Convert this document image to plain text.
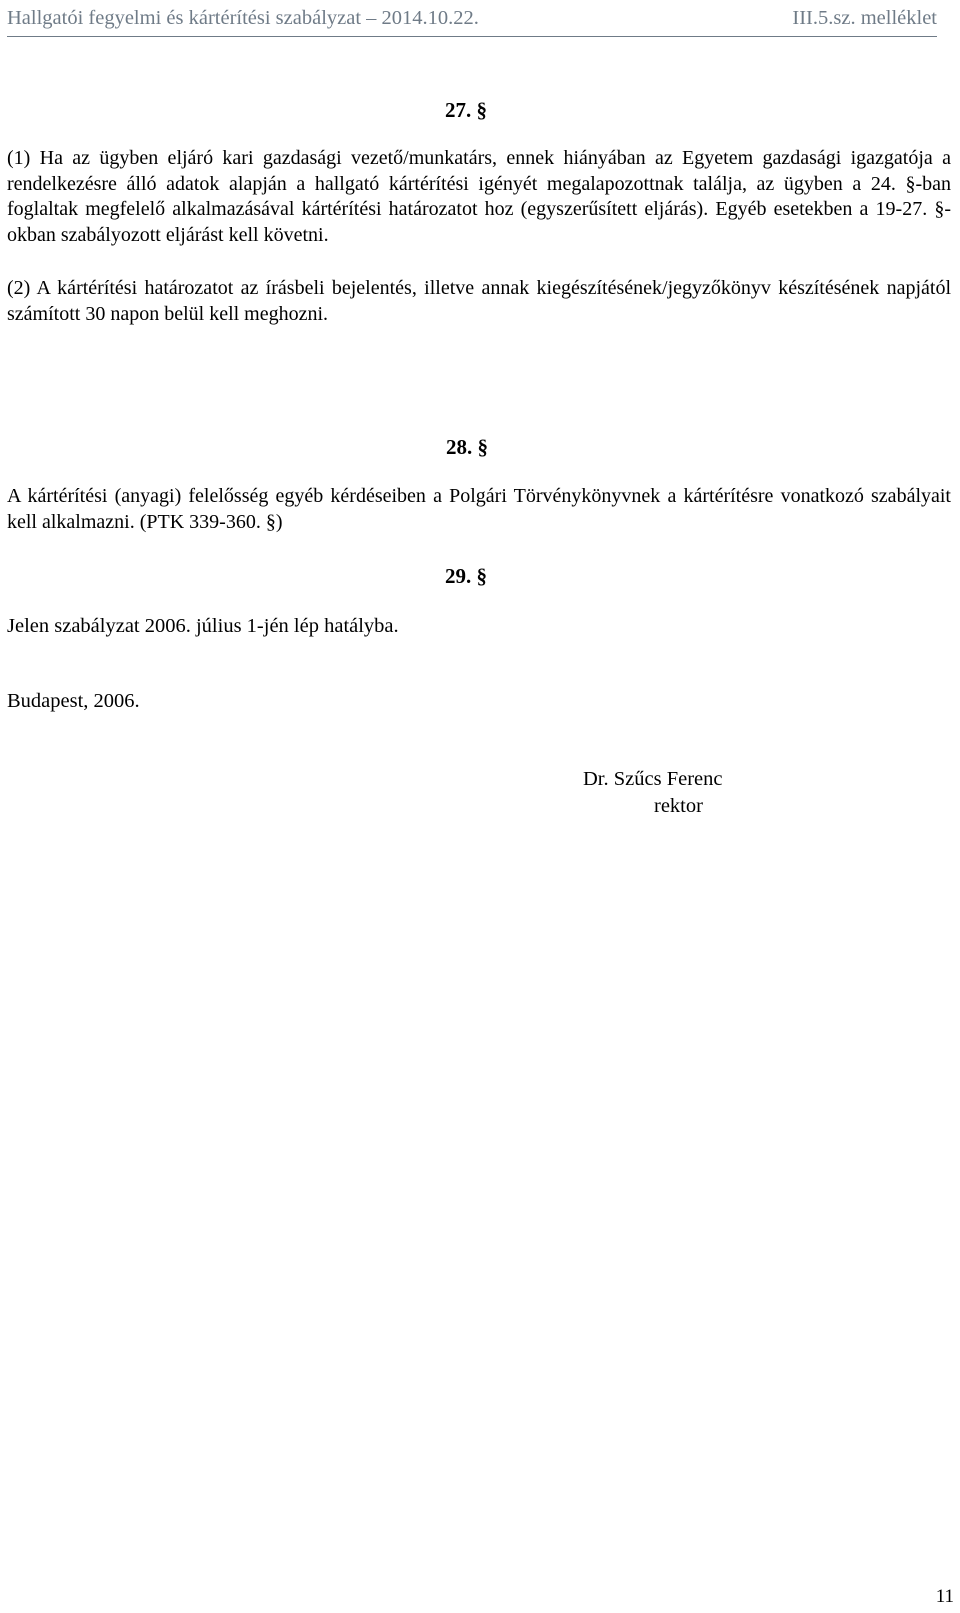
Hallgatói fegyelmi és kártérítési szabályzat – 2014.10.22.	III.5.sz. melléklet
27. §

(1) Ha az ügyben eljáró kari gazdasági vezető/munkatárs, ennek hiányában az Egyetem gazdasági igazgatója a rendelkezésre álló adatok alapján a hallgató kártérítési igényét megalapozottnak találja, az ügyben a 24. §-ban foglaltak megfelelő alkalmazásával kártérítési határozatot hoz (egyszerűsített eljárás). Egyéb esetekben a 19-27. §-okban szabályozott eljárást kell követni.

(2) A kártérítési határozatot az írásbeli bejelentés, illetve annak kiegészítésének/jegyzőkönyv készítésének napjától számított 30 napon belül kell meghozni.

28. §

A kártérítési (anyagi) felelősség egyéb kérdéseiben a Polgári Törvénykönyvnek a kártérítésre vonatkozó szabályait kell alkalmazni. (PTK 339-360. §)

29. §
Jelen szabályzat 2006. július 1-jén lép hatályba.
Budapest, 2006.
Dr. Szűcs Ferenc
rektor
11
